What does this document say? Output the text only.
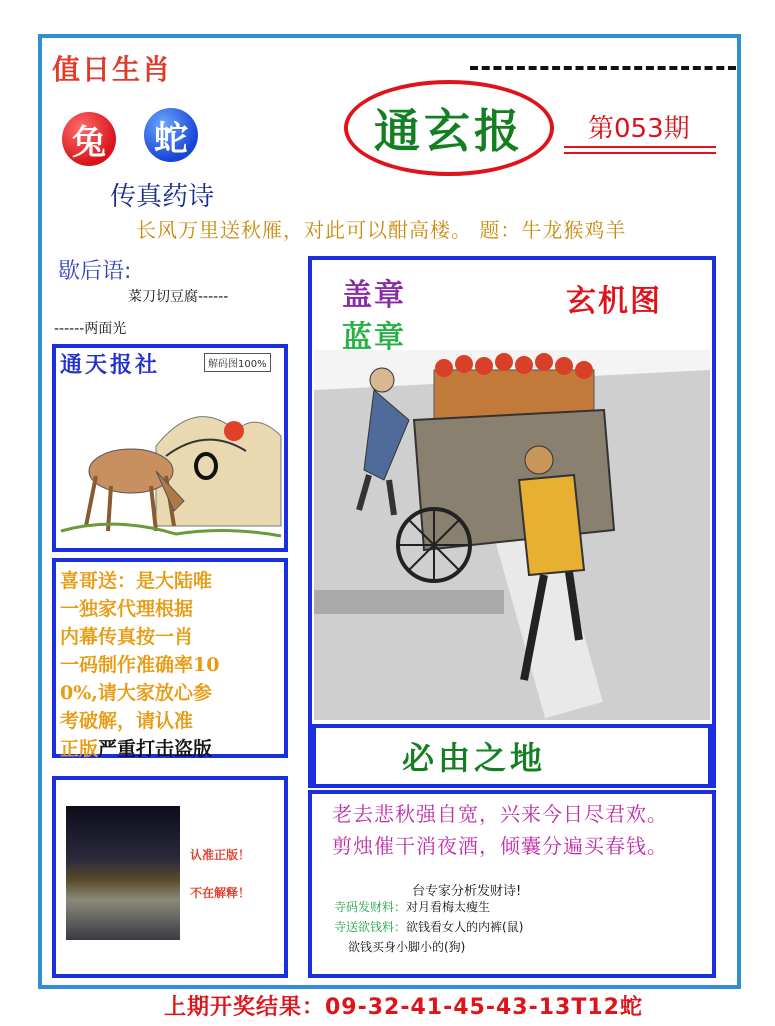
值日生肖
兔 蛇
传真药诗
通玄报	第053期
长风万里送秋雁，对此可以酣高楼。 题：牛龙猴鸡羊
歇后语:
菜刀切豆腐------
------两面光
通天报社	解码图100%
喜哥送：是大陆唯
一独家代理根据
内幕传真按一肖
一码制作准确率10
0%,请大家放心参
考破解，请认准
正版严重打击盗版
认准正版！
不在解释！
盖章
蓝章
玄机图
必由之地
老去悲秋强自宽，兴来今日尽君欢。
剪烛催干消夜酒，倾囊分遍买春钱。
台专家分析发财诗!
寺码发财料：对月看梅太瘦生
寺送欲钱料：欲钱看女人的内裤(鼠)
欲钱买身小脚小的(狗)
上期开奖结果：09-32-41-45-43-13T12蛇
